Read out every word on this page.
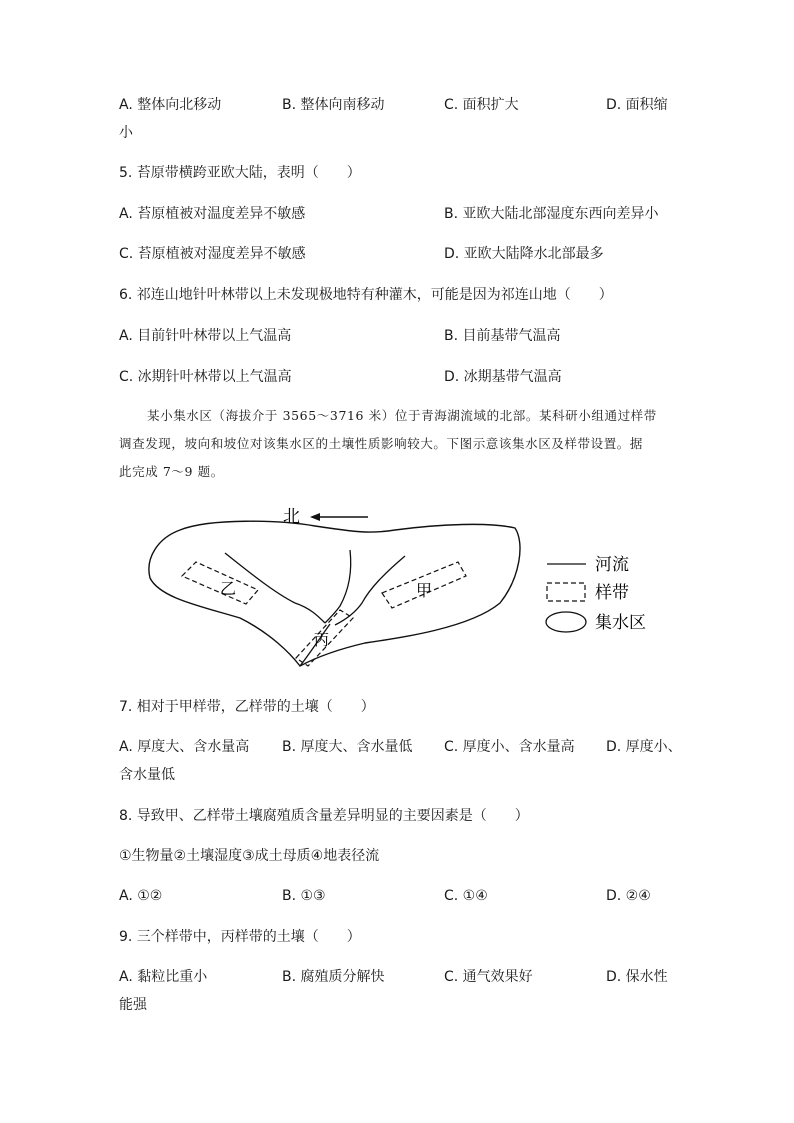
A. 整体向北移动	B. 整体向南移动	C. 面积扩大	D. 面积缩
小
5. 苔原带横跨亚欧大陆，表明（　　）
A. 苔原植被对温度差异不敏感	B. 亚欧大陆北部湿度东西向差异小
C. 苔原植被对湿度差异不敏感	D. 亚欧大陆降水北部最多
6. 祁连山地针叶林带以上未发现极地特有种灌木，可能是因为祁连山地（　　）
A. 目前针叶林带以上气温高	B. 目前基带气温高
C. 冰期针叶林带以上气温高	D. 冰期基带气温高

某小集水区（海拔介于 3565～3716 米）位于青海湖流域的北部。某科研小组通过样带

调查发现，坡向和坡位对该集水区的土壤性质影响较大。下图示意该集水区及样带设置。据

此完成 7～9 题。

北
甲
乙
丙
河流
样带
集水区
7. 相对于甲样带，乙样带的土壤（　　）
A. 厚度大、含水量高 B. 厚度大、含水量低 C. 厚度小、含水量高 D. 厚度小、
含水量低
8. 导致甲、乙样带土壤腐殖质含量差异明显的主要因素是（　　）
①生物量②土壤湿度③成土母质④地表径流
A. ①②	B. ①③	C. ①④	D. ②④
9. 三个样带中，丙样带的土壤（　　）
A. 黏粒比重小	B. 腐殖质分解快	C. 通气效果好	D. 保水性
能强
